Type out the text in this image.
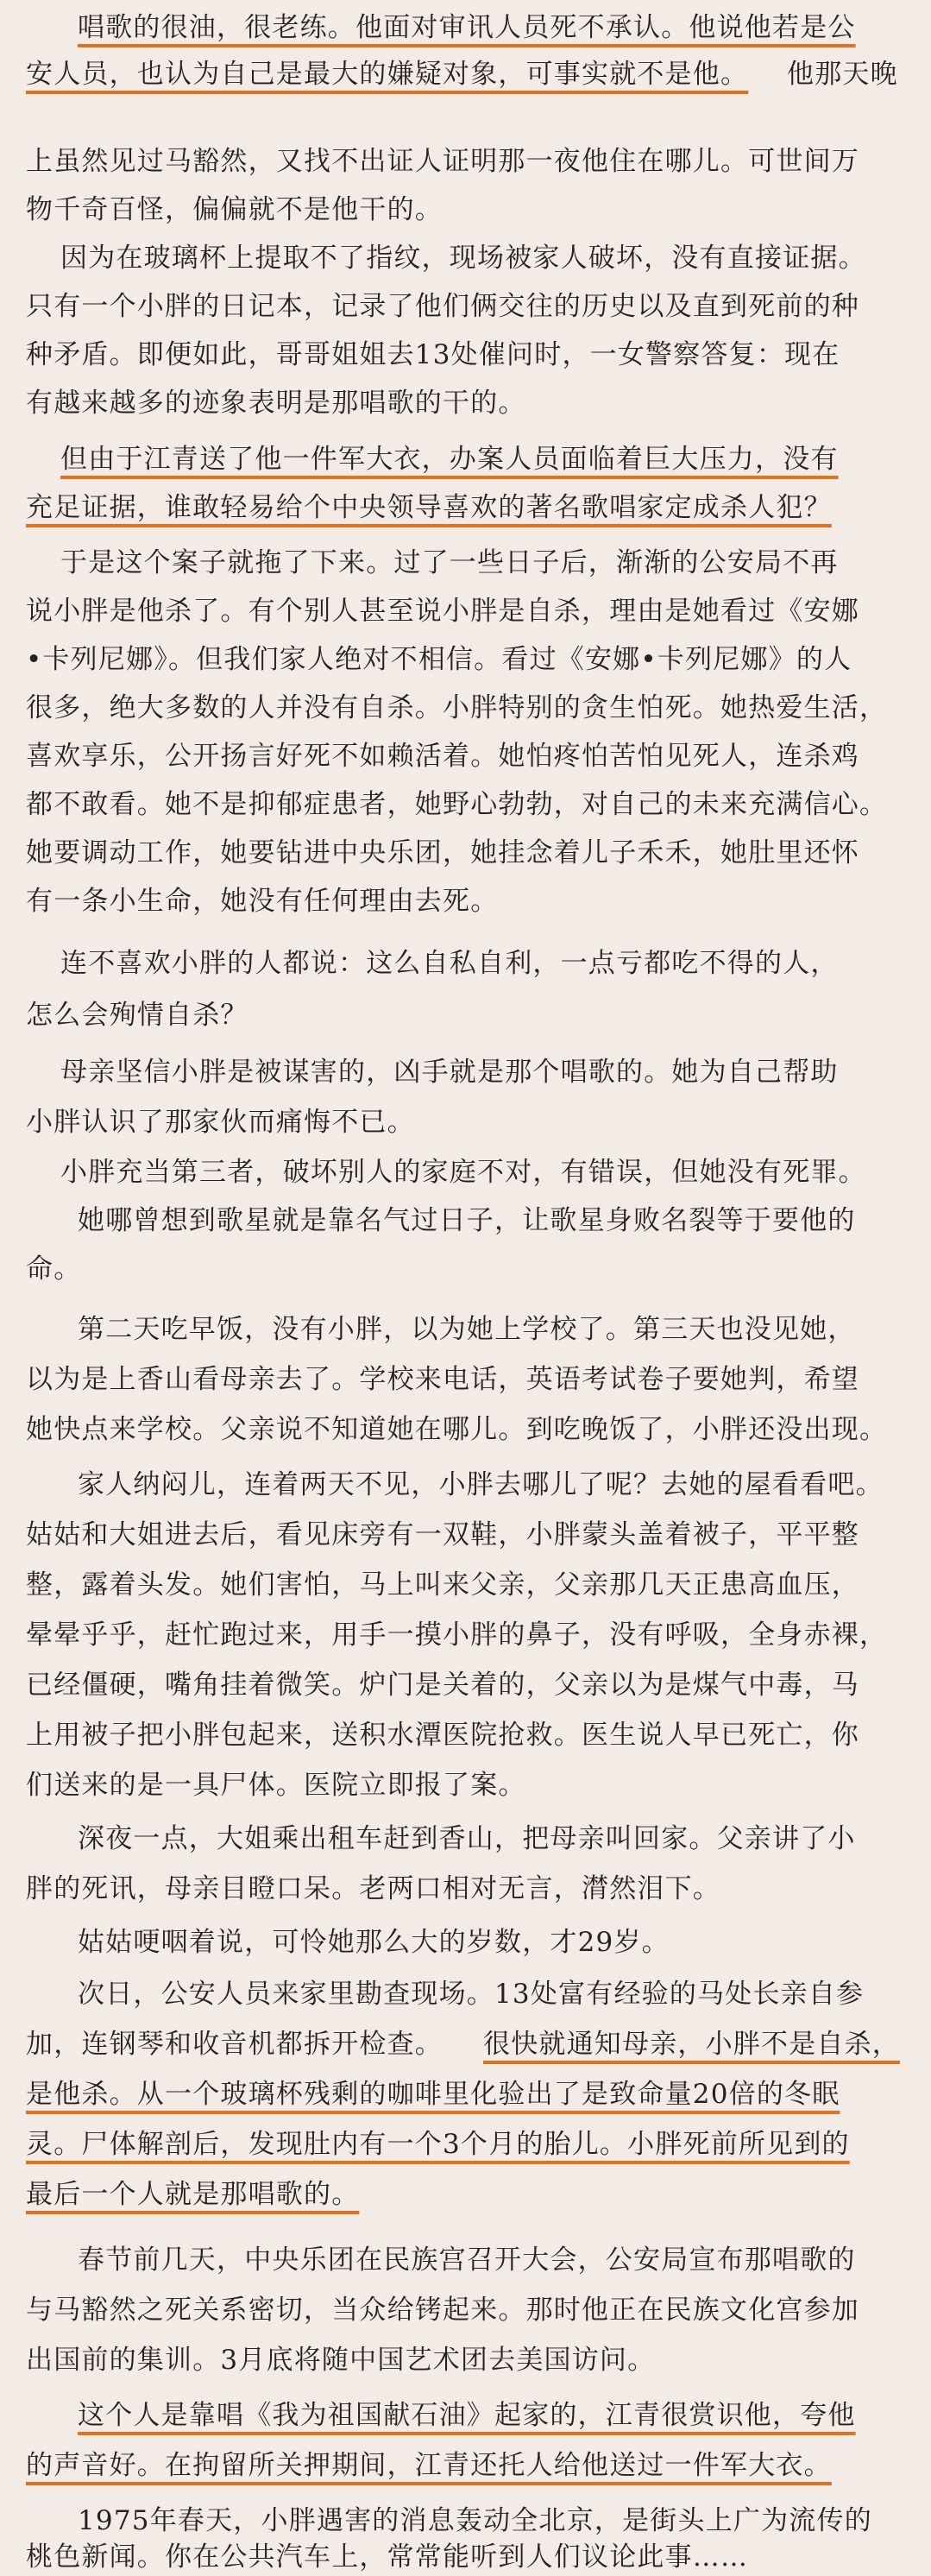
唱歌的很油，很老练。他面对审讯人员死不承认。他说他若是公
安人员，也认为自己是最大的嫌疑对象，可事实就不是他。 他那天晚
上虽然见过马豁然，又找不出证人证明那一夜他住在哪儿。可世间万
物千奇百怪，偏偏就不是他干的。
因为在玻璃杯上提取不了指纹，现场被家人破坏，没有直接证据。
只有一个小胖的日记本，记录了他们俩交往的历史以及直到死前的种
种矛盾。即便如此，哥哥姐姐去13处催问时，一女警察答复：现在
有越来越多的迹象表明是那唱歌的干的。
但由于江青送了他一件军大衣，办案人员面临着巨大压力，没有
充足证据，谁敢轻易给个中央领导喜欢的著名歌唱家定成杀人犯？
于是这个案子就拖了下来。过了一些日子后，渐渐的公安局不再
说小胖是他杀了。有个别人甚至说小胖是自杀，理由是她看过《安娜
•卡列尼娜》。但我们家人绝对不相信。看过《安娜•卡列尼娜》的人
很多，绝大多数的人并没有自杀。小胖特别的贪生怕死。她热爱生活，
喜欢享乐，公开扬言好死不如赖活着。她怕疼怕苦怕见死人，连杀鸡
都不敢看。她不是抑郁症患者，她野心勃勃，对自己的未来充满信心。
她要调动工作，她要钻进中央乐团，她挂念着儿子禾禾，她肚里还怀
有一条小生命，她没有任何理由去死。
连不喜欢小胖的人都说：这么自私自利，一点亏都吃不得的人，
怎么会殉情自杀？
母亲坚信小胖是被谋害的，凶手就是那个唱歌的。她为自己帮助
小胖认识了那家伙而痛悔不已。
小胖充当第三者，破坏别人的家庭不对，有错误，但她没有死罪。
她哪曾想到歌星就是靠名气过日子，让歌星身败名裂等于要他的
命。
第二天吃早饭，没有小胖，以为她上学校了。第三天也没见她，
以为是上香山看母亲去了。学校来电话，英语考试卷子要她判，希望
她快点来学校。父亲说不知道她在哪儿。到吃晚饭了，小胖还没出现。
家人纳闷儿，连着两天不见，小胖去哪儿了呢？去她的屋看看吧。
姑姑和大姐进去后，看见床旁有一双鞋，小胖蒙头盖着被子，平平整
整，露着头发。她们害怕，马上叫来父亲，父亲那几天正患高血压，
晕晕乎乎，赶忙跑过来，用手一摸小胖的鼻子，没有呼吸，全身赤裸，
已经僵硬，嘴角挂着微笑。炉门是关着的，父亲以为是煤气中毒，马
上用被子把小胖包起来，送积水潭医院抢救。医生说人早已死亡，你
们送来的是一具尸体。医院立即报了案。
深夜一点，大姐乘出租车赶到香山，把母亲叫回家。父亲讲了小
胖的死讯，母亲目瞪口呆。老两口相对无言，潸然泪下。
姑姑哽咽着说，可怜她那么大的岁数，才29岁。
次日，公安人员来家里勘查现场。13处富有经验的马处长亲自参
加，连钢琴和收音机都拆开检查。 很快就通知母亲，小胖不是自杀，
是他杀。从一个玻璃杯残剩的咖啡里化验出了是致命量20倍的冬眠
灵。尸体解剖后，发现肚内有一个3个月的胎儿。小胖死前所见到的
最后一个人就是那唱歌的。
春节前几天，中央乐团在民族宫召开大会，公安局宣布那唱歌的
与马豁然之死关系密切，当众给铐起来。那时他正在民族文化宫参加
出国前的集训。3月底将随中国艺术团去美国访问。
这个人是靠唱《我为祖国献石油》起家的，江青很赏识他，夸他
的声音好。在拘留所关押期间，江青还托人给他送过一件军大衣。
1975年春天，小胖遇害的消息轰动全北京，是街头上广为流传的
桃色新闻。你在公共汽车上，常常能听到人们议论此事……
